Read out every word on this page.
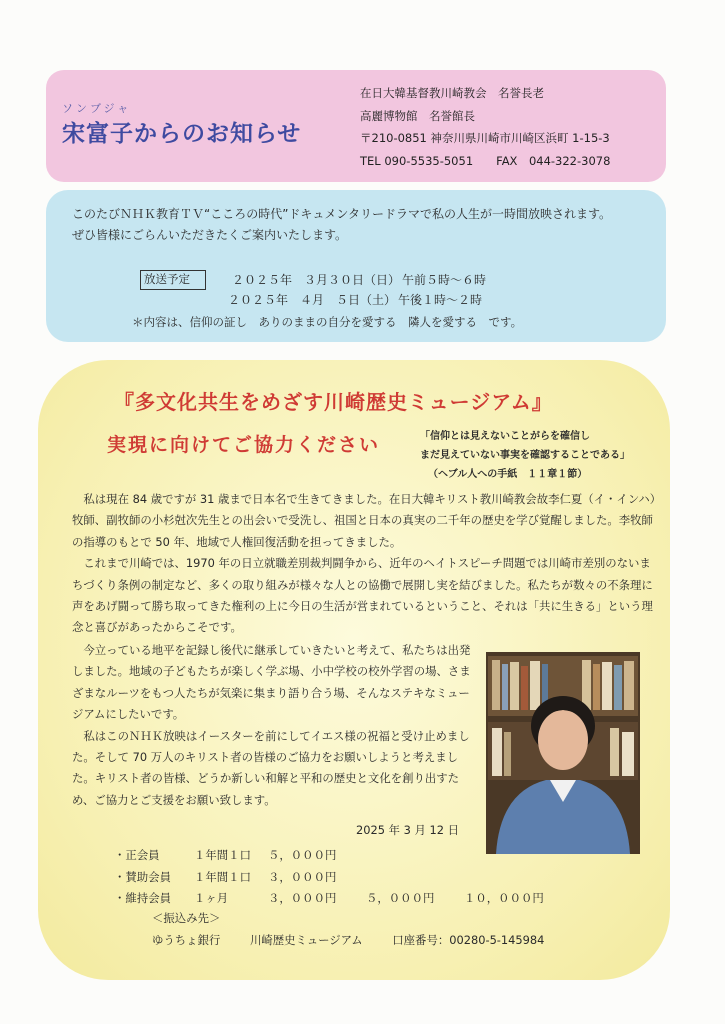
ソンブジャ
宋富子からのお知らせ
在日大韓基督教川崎教会　名誉長老
高麗博物館　名誉館長
〒210-0851 神奈川県川崎市川崎区浜町 1-15-3
TEL 090-5535-5051　　FAX　044-322-3078
このたびＮＨＫ教育ＴＶ“こころの時代”ドキュメンタリードラマで私の人生が一時間放映されます。
ぜひ皆様にごらんいただきたくご案内いたします。
放送予定	２０２５年　３月３０日（日） 午前５時～６時
２０２５年　４月　５日（土） 午後１時～２時
＊内容は、信仰の証し　ありのままの自分を愛する　隣人を愛する　です。
『多文化共生をめざす川崎歴史ミュージアム』
実現に向けてご協力ください	「信仰とは見えないことがらを確信し
まだ見えていない事実を確認することである」
（ヘブル人への手紙　１１章１節）

私は現在 84 歳ですが 31 歳まで日本名で生きてきました。在日大韓キリスト教川崎教会故李仁夏（イ・インハ）牧師、副牧師の小杉尅次先生との出会いで受洗し、祖国と日本の真実の二千年の歴史を学び覚醒しました。李牧師の指導のもとで 50 年、地域で人権回復活動を担ってきました。

これまで川崎では、1970 年の日立就職差別裁判闘争から、近年のヘイトスピーチ問題では川崎市差別のないまちづくり条例の制定など、多くの取り組みが様々な人との協働で展開し実を結びました。私たちが数々の不条理に声をあげ闘って勝ち取ってきた権利の上に今日の生活が営まれているということ、それは「共に生きる」という理念と喜びがあったからこそです。

今立っている地平を記録し後代に継承していきたいと考えて、私たちは出発しました。地域の子どもたちが楽しく学ぶ場、小中学校の校外学習の場、さまざまなルーツをもつ人たちが気楽に集まり語り合う場、そんなステキなミュージアムにしたいです。

私はこのＮＨＫ放映はイースターを前にしてイエス様の祝福と受け止めました。そして 70 万人のキリスト者の皆様のご協力をお願いしようと考えました。キリスト者の皆様、どうか新しい和解と平和の歴史と文化を創り出すため、ご協力とご支援をお願い致します。

2025 年 3 月 12 日
・正会員	１年間１口	５，０００円
・賛助会員	１年間１口	３，０００円
・維持会員	１ヶ月	３，０００円	５，０００円	１０，０００円
＜振込み先＞
ゆうちょ銀行	川崎歴史ミュージアム	口座番号：00280-5-145984
